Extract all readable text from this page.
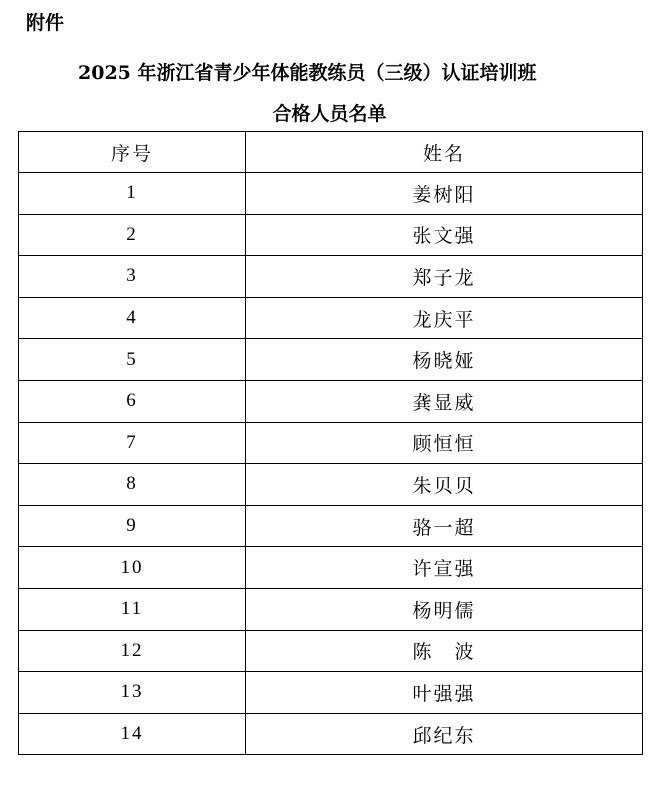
附件

2025 年浙江省青少年体能教练员（三级）认证培训班
合格人员名单
序号	姓名
1	姜树阳
2	张文强
3	郑子龙
4	龙庆平
5	杨晓娅
6	龚显威
7	顾恒恒
8	朱贝贝
9	骆一超
10	许宣强
11	杨明儒
12	陈　波
13	叶强强
14	邱纪东
